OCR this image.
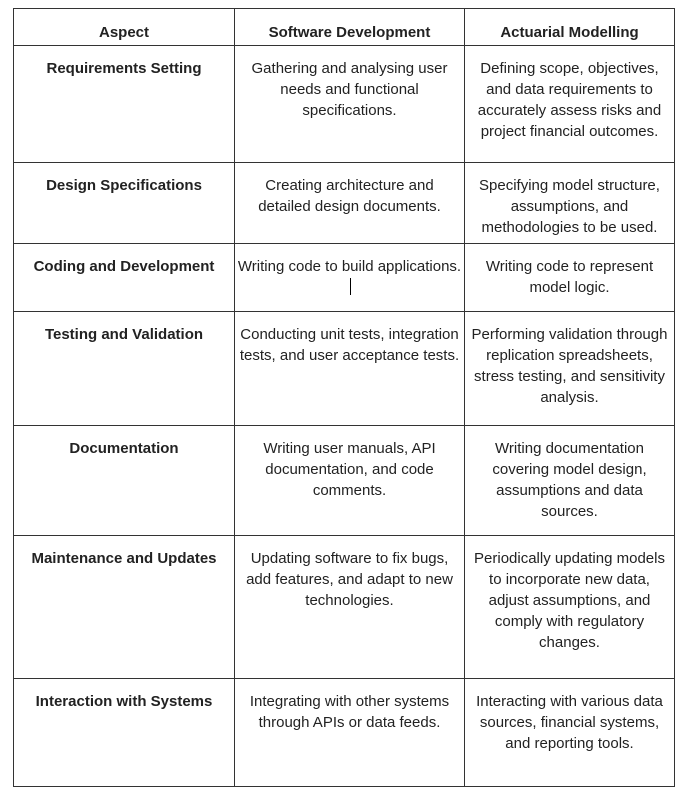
Aspect	Software Development	Actuarial Modelling
Requirements Setting	Gathering and analysing user needs and functional specifications.	Defining scope, objectives, and data requirements to accurately assess risks and project financial outcomes.
Design Specifications	Creating architecture and detailed design documents.	Specifying model structure, assumptions, and methodologies to be used.
Coding and Development	Writing code to build applications.	Writing code to represent model logic.
Testing and Validation	Conducting unit tests, integration tests, and user acceptance tests.	Performing validation through replication spreadsheets, stress testing, and sensitivity analysis.
Documentation	Writing user manuals, API documentation, and code comments.	Writing documentation covering model design, assumptions and data sources.
Maintenance and Updates	Updating software to fix bugs, add features, and adapt to new technologies.	Periodically updating models to incorporate new data, adjust assumptions, and comply with regulatory changes.
Interaction with Systems	Integrating with other systems through APIs or data feeds.	Interacting with various data sources, financial systems, and reporting tools.
